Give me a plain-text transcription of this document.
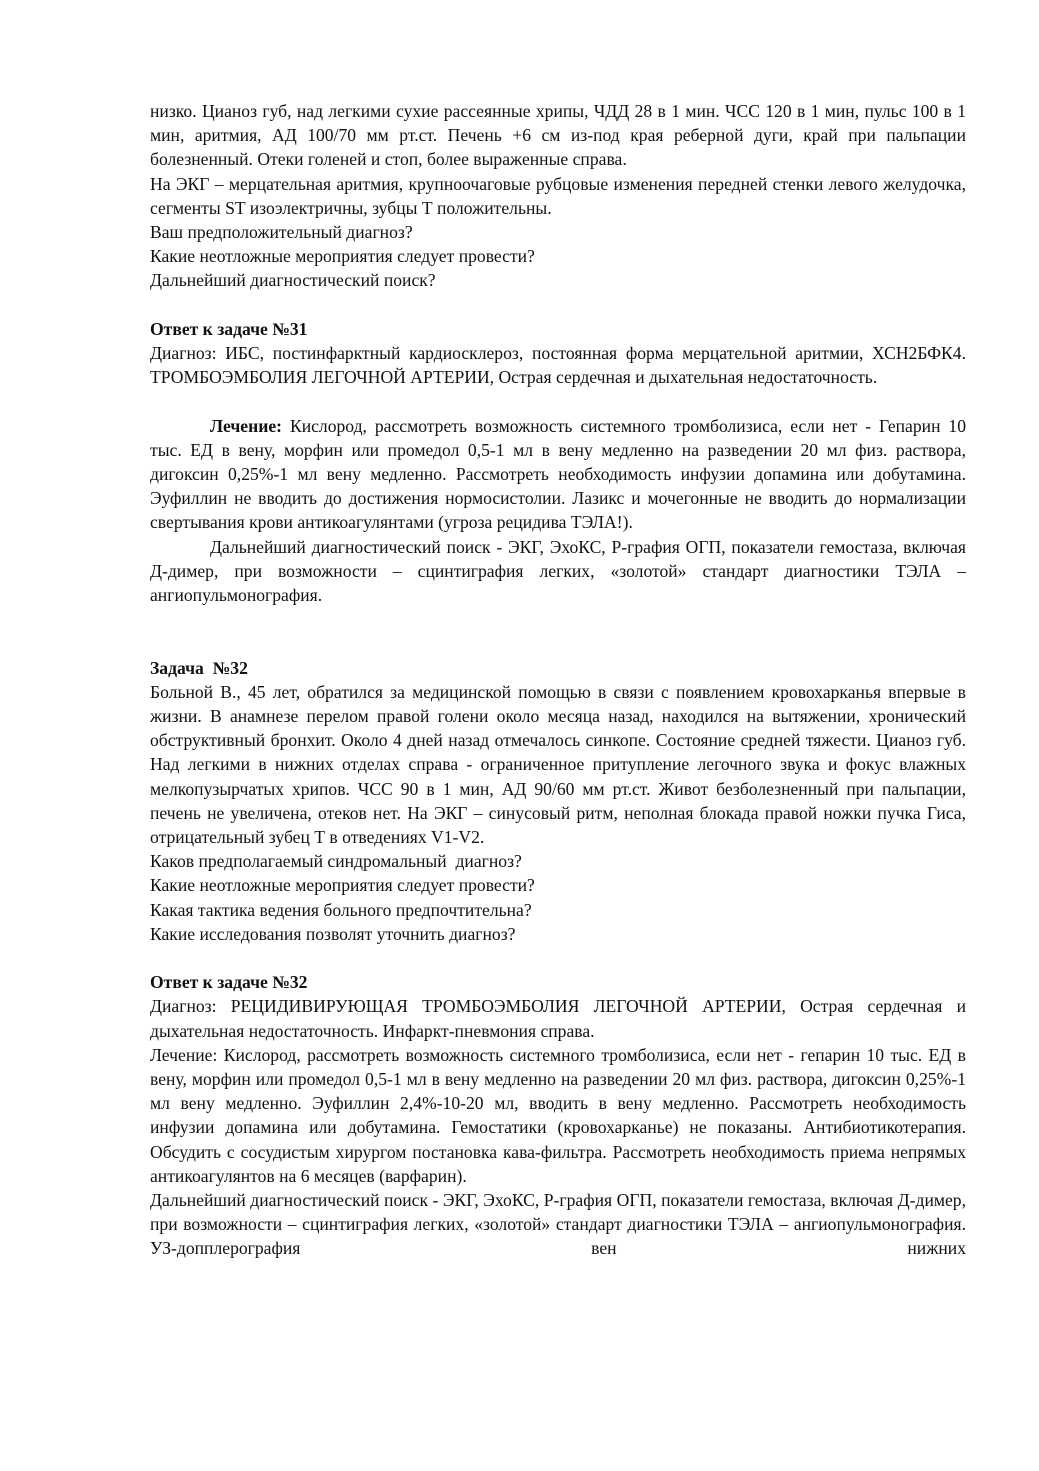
низко. Цианоз губ, над легкими сухие рассеянные хрипы, ЧДД 28 в 1 мин. ЧСС 120 в 1 мин, пульс 100 в 1 мин, аритмия, АД 100/70 мм рт.ст. Печень +6 см из-под края реберной дуги, край при пальпации болезненный. Отеки голеней и стоп, более выраженные справа.

На ЭКГ – мерцательная аритмия, крупноочаговые рубцовые изменения передней стенки левого желудочка, сегменты ST изоэлектричны, зубцы Т положительны.

Ваш предположительный диагноз?

Какие неотложные мероприятия следует провести?

Дальнейший диагностический поиск?

Ответ к задаче №31

Диагноз: ИБС, постинфарктный кардиосклероз, постоянная форма мерцательной аритмии, ХСН2БФК4. ТРОМБОЭМБОЛИЯ ЛЕГОЧНОЙ АРТЕРИИ, Острая сердечная и дыхательная недостаточность.

Лечение: Кислород, рассмотреть возможность системного тромболизиса, если нет - Гепарин 10 тыс. ЕД в вену, морфин или промедол 0,5-1 мл в вену медленно на разведении 20 мл физ. раствора, дигоксин 0,25%-1 мл вену медленно. Рассмотреть необходимость инфузии допамина или добутамина. Эуфиллин не вводить до достижения нормосистолии. Лазикс и мочегонные не вводить до нормализации свертывания крови антикоагулянтами (угроза рецидива ТЭЛА!).

Дальнейший диагностический поиск - ЭКГ, ЭхоКС, Р-графия ОГП, показатели гемостаза, включая Д-димер, при возможности – сцинтиграфия легких, «золотой» стандарт диагностики ТЭЛА – ангиопульмонография.

Задача  №32

Больной В., 45 лет, обратился за медицинской помощью в связи с появлением кровохарканья впервые в жизни. В анамнезе перелом правой голени около месяца назад, находился на вытяжении, хронический обструктивный бронхит. Около 4 дней назад отмечалось синкопе. Состояние средней тяжести. Цианоз губ. Над легкими в нижних отделах справа - ограниченное притупление легочного звука и фокус влажных мелкопузырчатых хрипов. ЧСС 90 в 1 мин, АД 90/60 мм рт.ст. Живот безболезненный при пальпации, печень не увеличена, отеков нет. На ЭКГ – синусовый ритм, неполная блокада правой ножки пучка Гиса, отрицательный зубец Т в отведениях V1-V2.

Каков предполагаемый синдромальный  диагноз?

Какие неотложные мероприятия следует провести?

Какая тактика ведения больного предпочтительна?

Какие исследования позволят уточнить диагноз?

Ответ к задаче №32

Диагноз: РЕЦИДИВИРУЮЩАЯ ТРОМБОЭМБОЛИЯ ЛЕГОЧНОЙ АРТЕРИИ, Острая сердечная и дыхательная недостаточность. Инфаркт-пневмония справа.

Лечение: Кислород, рассмотреть возможность системного тромболизиса, если нет - гепарин 10 тыс. ЕД в вену, морфин или промедол 0,5-1 мл в вену медленно на разведении 20 мл физ. раствора, дигоксин 0,25%-1 мл вену медленно. Эуфиллин 2,4%-10-20 мл, вводить в вену медленно. Рассмотреть необходимость инфузии допамина или добутамина. Гемостатики (кровохарканье) не показаны. Антибиотикотерапия. Обсудить с сосудистым хирургом постановка кава-фильтра. Рассмотреть необходимость приема непрямых антикоагулянтов на 6 месяцев (варфарин).

Дальнейший диагностический поиск - ЭКГ, ЭхоКС, Р-графия ОГП, показатели гемостаза, включая Д-димер, при возможности – сцинтиграфия легких, «золотой» стандарт диагностики ТЭЛА – ангиопульмонография. УЗ-допплерография вен нижних
